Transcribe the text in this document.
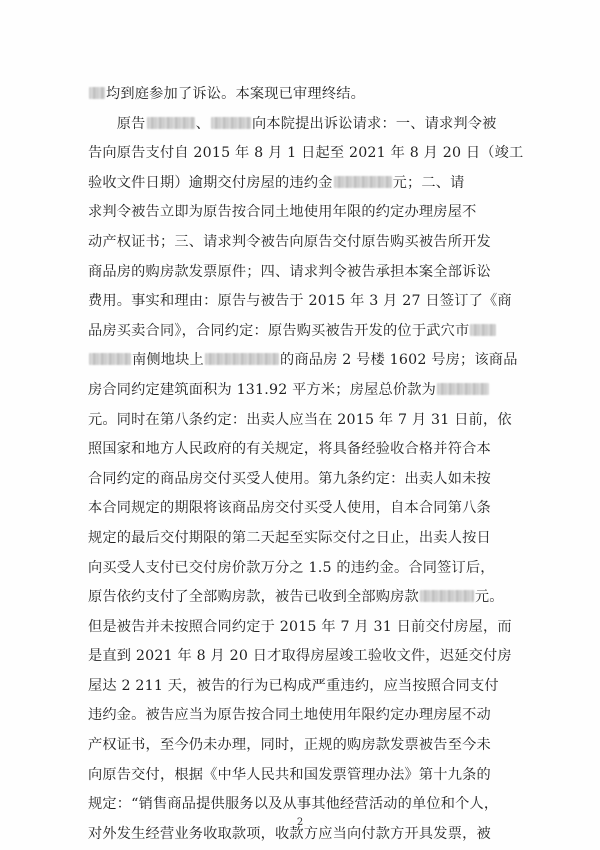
均到庭参加了诉讼。本案现已审理终结。
　　原告	、	向本院提出诉讼请求：一、请求判令被
告向原告支付自 2015 年 8 月 1 日起至 2021 年 8 月 20 日（竣工
验收文件日期）逾期交付房屋的违约金	元；二、请
求判令被告立即为原告按合同土地使用年限的约定办理房屋不
动产权证书；三、请求判令被告向原告交付原告购买被告所开发
商品房的购房款发票原件；四、请求判令被告承担本案全部诉讼
费用。事实和理由：原告与被告于 2015 年 3 月 27 日签订了《商
品房买卖合同》，合同约定：原告购买被告开发的位于武穴市
南侧地块上	的商品房 2 号楼 1602 号房；该商品
房合同约定建筑面积为 131.92 平方米；房屋总价款为
元。同时在第八条约定：出卖人应当在 2015 年 7 月 31 日前，依
照国家和地方人民政府的有关规定，将具备经验收合格并符合本
合同约定的商品房交付买受人使用。第九条约定：出卖人如未按
本合同规定的期限将该商品房交付买受人使用，自本合同第八条
规定的最后交付期限的第二天起至实际交付之日止，出卖人按日
向买受人支付已交付房价款万分之 1.5 的违约金。合同签订后，
原告依约支付了全部购房款，被告已收到全部购房款	元。
但是被告并未按照合同约定于 2015 年 7 月 31 日前交付房屋，而
是直到 2021 年 8 月 20 日才取得房屋竣工验收文件，迟延交付房
屋达 2 211 天，被告的行为已构成严重违约，应当按照合同支付
违约金。被告应当为原告按合同土地使用年限约定办理房屋不动
产权证书，至今仍未办理，同时，正规的购房款发票被告至今未
向原告交付，根据《中华人民共和国发票管理办法》第十九条的
规定：“销售商品提供服务以及从事其他经营活动的单位和个人，
对外发生经营业务收取款项，收款方应当向付款方开具发票，被
2
